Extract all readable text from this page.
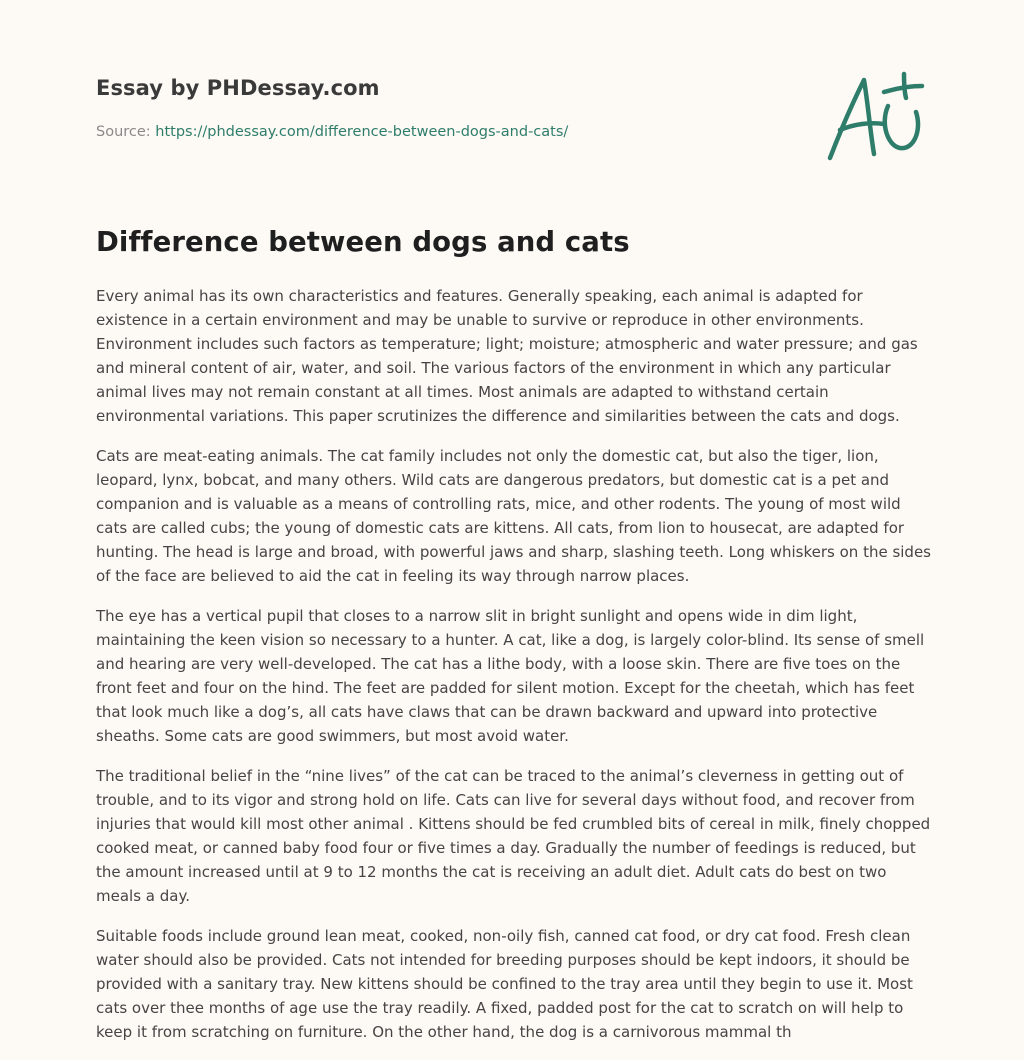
Essay by PHDessay.com
Source: https://phdessay.com/difference-between-dogs-and-cats/
Difference between dogs and cats

Every animal has its own characteristics and features. Generally speaking, each animal is adapted for existence in a certain environment and may be unable to survive or reproduce in other environments. Environment includes such factors as temperature; light; moisture; atmospheric and water pressure; and gas and mineral content of air, water, and soil. The various factors of the environment in which any particular animal lives may not remain constant at all times. Most animals are adapted to withstand certain environmental variations. This paper scrutinizes the difference and similarities between the cats and dogs.

Cats are meat-eating animals. The cat family includes not only the domestic cat, but also the tiger, lion, leopard, lynx, bobcat, and many others. Wild cats are dangerous predators, but domestic cat is a pet and companion and is valuable as a means of controlling rats, mice, and other rodents. The young of most wild cats are called cubs; the young of domestic cats are kittens. All cats, from lion to housecat, are adapted for hunting. The head is large and broad, with powerful jaws and sharp, slashing teeth. Long whiskers on the sides of the face are believed to aid the cat in feeling its way through narrow places.

The eye has a vertical pupil that closes to a narrow slit in bright sunlight and opens wide in dim light, maintaining the keen vision so necessary to a hunter. A cat, like a dog, is largely color-blind. Its sense of smell and hearing are very well-developed. The cat has a lithe body, with a loose skin. There are five toes on the front feet and four on the hind. The feet are padded for silent motion. Except for the cheetah, which has feet that look much like a dog’s, all cats have claws that can be drawn backward and upward into protective sheaths. Some cats are good swimmers, but most avoid water.

The traditional belief in the “nine lives” of the cat can be traced to the animal’s cleverness in getting out of trouble, and to its vigor and strong hold on life. Cats can live for several days without food, and recover from injuries that would kill most other animal . Kittens should be fed crumbled bits of cereal in milk, finely chopped cooked meat, or canned baby food four or five times a day. Gradually the number of feedings is reduced, but the amount increased until at 9 to 12 months the cat is receiving an adult diet. Adult cats do best on two meals a day.

Suitable foods include ground lean meat, cooked, non-oily fish, canned cat food, or dry cat food. Fresh clean water should also be provided. Cats not intended for breeding purposes should be kept indoors, it should be provided with a sanitary tray. New kittens should be confined to the tray area until they begin to use it. Most cats over thee months of age use the tray readily. A fixed, padded post for the cat to scratch on will help to keep it from scratching on furniture. On the other hand, the dog is a carnivorous mammal th
